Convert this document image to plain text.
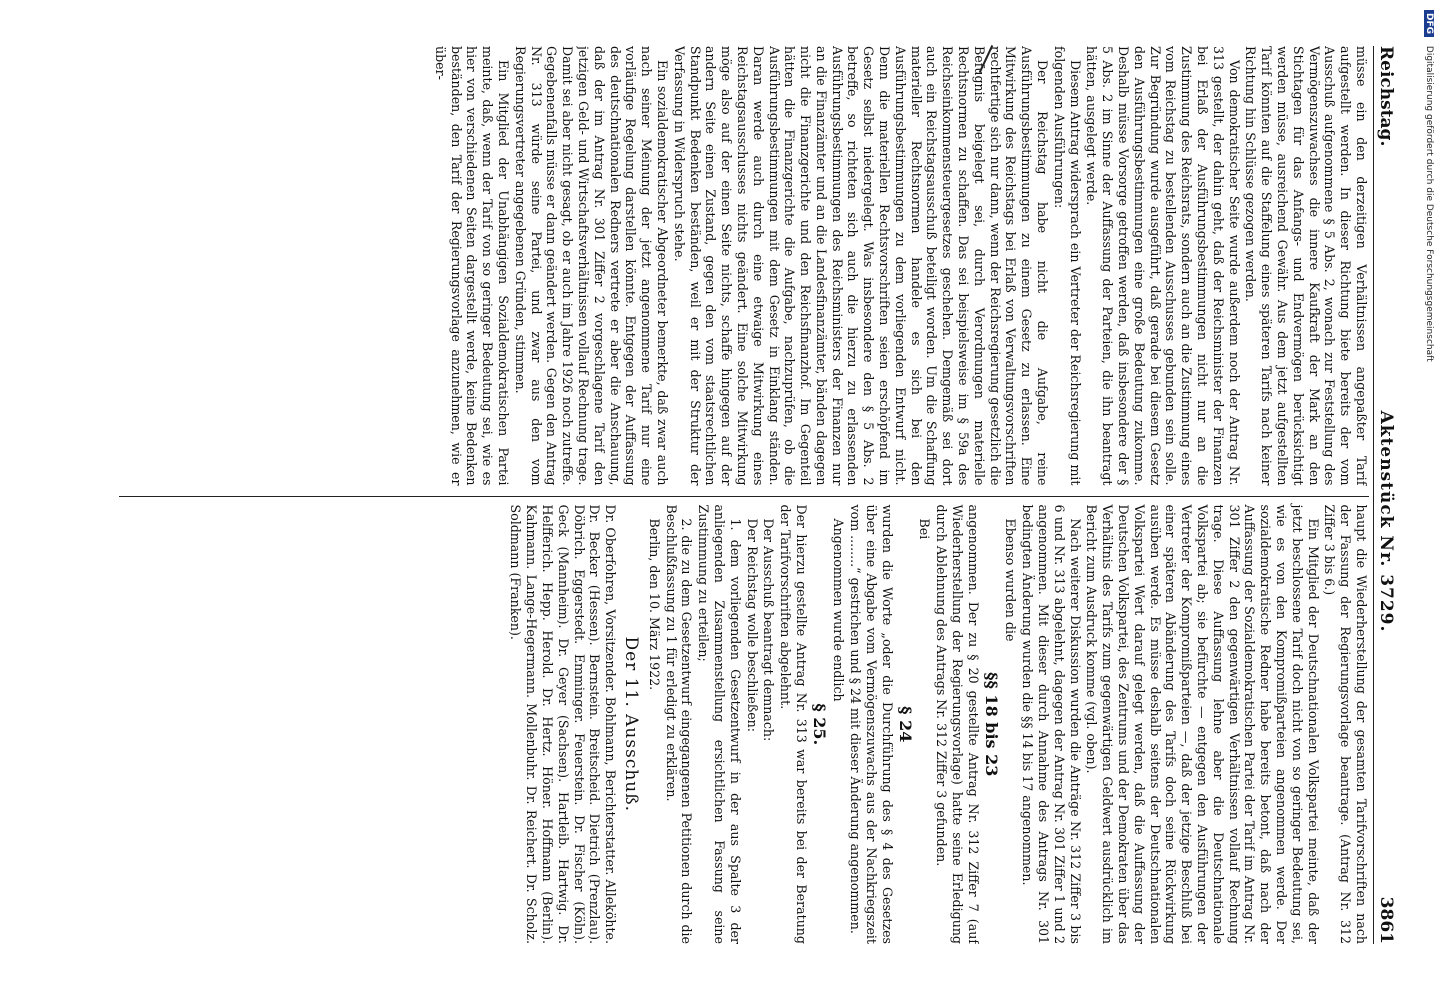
Reichstag.
Aktenstück Nr. 3729.
3861

müsse ein den derzeitigen Verhältnissen angepaßter Tarif aufgestellt werden. In dieser Richtung biete bereits der vom Ausschuß aufgenommene § 5 Abs. 2, wonach zur Feststellung des Vermögenszuwachses die innere Kaufkraft der Mark an den Stichtagen für das Anfangs- und Endvermögen berücksichtigt werden müsse, ausreichend Gewähr. Aus dem jetzt aufgestellten Tarif könnten auf die Staffelung eines späteren Tarifs nach keiner Richtung hin Schlüsse gezogen werden.

Von demokratischer Seite wurde außerdem noch der Antrag Nr. 313 gestellt, der dahin geht, daß der Reichsminister der Finanzen bei Erlaß der Ausführungsbestimmungen nicht nur an die Zustimmung des Reichsrats, sondern auch an die Zustimmung eines vom Reichstag zu bestellenden Ausschusses gebunden sein solle. Zur Begründung wurde ausgeführt, daß gerade bei diesem Gesetz den Ausführungsbestimmungen eine große Bedeutung zukomme. Deshalb müsse Vorsorge getroffen werden, daß insbesondere der § 5 Abs. 2 im Sinne der Auffassung der Parteien, die ihn beantragt hätten, ausgelegt werde.

Diesem Antrag widersprach ein Vertreter der Reichsregierung mit folgenden Ausführungen:

Der Reichstag habe nicht die Aufgabe, reine Ausführungsbestimmungen zu einem Gesetz zu erlassen. Eine Mitwirkung des Reichstags bei Erlaß von Verwaltungsvorschriften rechtfertige sich nur dann, wenn der Reichsregierung gesetzlich die Befugnis beigelegt sei, durch Verordnungen materielle Rechtsnormen zu schaffen. Das sei beispielsweise im § 59a des Reichseinkommensteuergesetzes geschehen. Demgemäß sei dort auch ein Reichstagsausschuß beteiligt worden. Um die Schaffung materieller Rechtsnormen handele es sich bei den Ausführungsbestimmungen zu dem vorliegenden Entwurf nicht. Denn die materiellen Rechtsvorschriften seien erschöpfend im Gesetz selbst niedergelegt. Was insbesondere den § 5 Abs. 2 betreffe, so richteten sich auch die hierzu zu erlassenden Ausführungsbestimmungen des Reichsministers der Finanzen nur an die Finanzämter und an die Landesfinanzämter, bänden dagegen nicht die Finanzgerichte und den Reichsfinanzhof. Im Gegenteil hätten die Finanzgerichte die Aufgabe, nachzuprüfen, ob die Ausführungsbestimmungen mit dem Gesetz in Einklang ständen. Daran werde auch durch eine etwaige Mitwirkung eines Reichstagsausschusses nichts geändert. Eine solche Mitwirkung möge also auf der einen Seite nichts, schaffe hingegen auf der andern Seite einen Zustand, gegen den vom staatsrechtlichen Standpunkt Bedenken beständen, weil er mit der Struktur der Verfassung in Widerspruch stehe.

Ein sozialdemokratischer Abgeordneter bemerkte, daß zwar auch nach seiner Meinung der jetzt angenommene Tarif nur eine vorläufige Regelung darstellen könnte. Entgegen der Auffassung des deutschnationalen Redners vertrete er aber die Anschauung, daß der im Antrag Nr. 301 Ziffer 2 vorgeschlagene Tarif den jetzigen Geld- und Wirtschaftsverhältnissen vollauf Rechnung trage. Damit sei aber nicht gesagt, ob er auch im Jahre 1926 noch zutreffe. Gegebenenfalls müsse er dann geändert werden. Gegen den Antrag Nr. 313 würde seine Partei, und zwar aus den vom Regierungsvertreter angegebenen Gründen, stimmen.

Ein Mitglied der Unabhängigen Sozialdemokratischen Partei meinte, daß, wenn der Tarif von so geringer Bedeutung sei, wie es hier von verschiedenen Seiten dargestellt werde, keine Bedenken beständen, den Tarif der Regierungsvorlage anzunehmen, wie er über-

haupt die Wiederherstellung der gesamten Tarifvorschriften nach der Fassung der Regierungsvorlage beantrage. (Antrag Nr. 312 Ziffer 3 bis 6.)

Ein Mitglied der Deutschnationalen Volkspartei meinte, daß der jetzt beschlossene Tarif doch nicht von so geringer Bedeutung sei, wie es von den Kompromißparteien angenommen werde. Der sozialdemokratische Redner habe bereits betont, daß nach der Auffassung der Sozialdemokratischen Partei der Tarif im Antrag Nr. 301 Ziffer 2 den gegenwärtigen Verhältnissen vollauf Rechnung trage. Diese Auffassung lehne aber die Deutschnationale Volkspartei ab; sie befürchte — entgegen den Ausführungen der Vertreter der Kompromißparteien —, daß der jetzige Beschluß bei einer späteren Abänderung des Tarifs doch seine Rückwirkung ausüben werde. Es müsse deshalb seitens der Deutschnationalen Volkspartei Wert darauf gelegt werden, daß die Auffassung der Deutschen Volkspartei, des Zentrums und der Demokraten über das Verhältnis des Tarifs zum gegenwärtigen Geldwert ausdrücklich im Bericht zum Ausdruck komme (vgl. oben).

Nach weiterer Diskussion wurden die Anträge Nr. 312 Ziffer 3 bis 6 und Nr. 313 abgelehnt, dagegen der Antrag Nr. 301 Ziffer 1 und 2 angenommen. Mit dieser durch Annahme des Antrags Nr. 301 bedingten Änderung wurden die §§ 14 bis 17 angenommen.

Ebenso wurden die

§§ 18 bis 23

angenommen. Der zu § 20 gestellte Antrag Nr. 312 Ziffer 7 (auf Wiederherstellung der Regierungsvorlage) hatte seine Erledigung durch Ablehnung des Antrags Nr. 312 Ziffer 3 gefunden.

Bei

§ 24

wurden die Worte „oder die Durchführung des § 4 des Gesetzes über eine Abgabe vom Vermögenszuwachs aus der Nachkriegszeit vom ........“ gestrichen und § 24 mit dieser Änderung angenommen.

Angenommen wurde endlich

§ 25.

Der hierzu gestellte Antrag Nr. 313 war bereits bei der Beratung der Tarifvorschriften abgelehnt.

Der Ausschuß beantragt demnach:

Der Reichstag wolle beschließen:

1. dem vorliegenden Gesetzentwurf in der aus Spalte 3 der anliegenden Zusammenstellung ersichtlichen Fassung seine Zustimmung zu erteilen;

2. die zu dem Gesetzentwurf eingegangenen Petitionen durch die Beschlußfassung zu 1 für erledigt zu erklären.

Berlin, den 10. März 1922.

Der 11. Ausschuß.

Dr. Oberfohren, Vorsitzender. Bohlmann, Berichterstatter. Alleköhte. Dr. Becker (Hessen). Bernstein. Breitscheid. Dietrich (Prenzlau). Döbrich. Eggerstedt. Emminger. Feuerstein. Dr. Fischer (Köln). Geck (Mannheim). Dr. Geyer (Sachsen). Hartleib. Hartwig. Dr. Helfferich. Hepp. Herold. Dr. Hertz. Höner. Hoffmann (Berlin). Kahmann. Lange-Hegermann. Mollenbuhr. Dr. Reichert. Dr. Scholz. Soldmann (Franken).

DFG Digitalisierung gefördert durch die Deutsche Forschungsgemeinschaft
